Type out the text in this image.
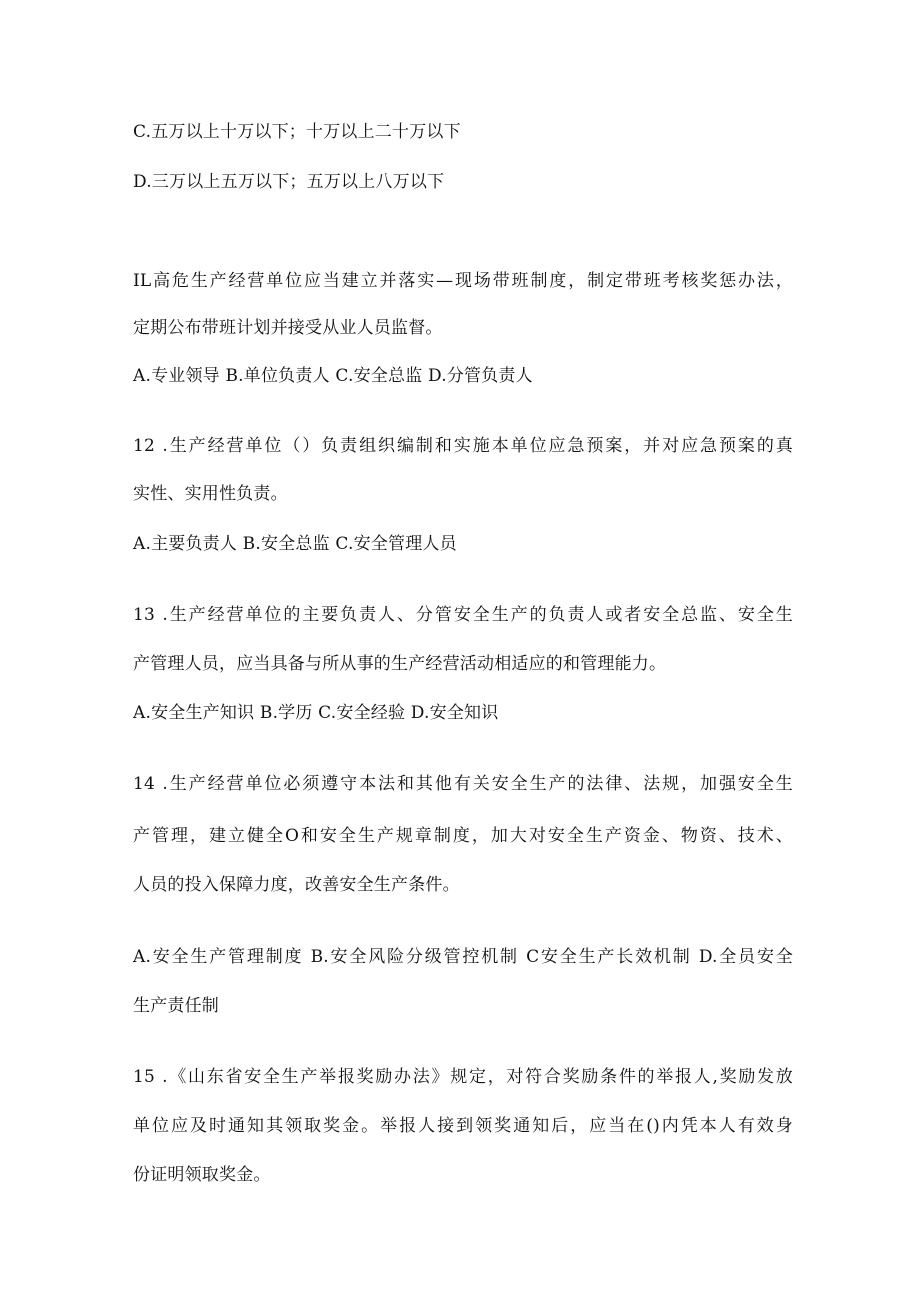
C.五万以上十万以下；十万以上二十万以下
D.三万以上五万以下；五万以上八万以下
IL高危生产经营单位应当建立并落实—现场带班制度，制定带班考核奖惩办法，
定期公布带班计划并接受从业人员监督。
A.专业领导 B.单位负责人 C.安全总监 D.分管负责人
12 .生产经营单位（）负责组织编制和实施本单位应急预案，并对应急预案的真
实性、实用性负责。
A.主要负责人 B.安全总监 C.安全管理人员
13 .生产经营单位的主要负责人、分管安全生产的负责人或者安全总监、安全生
产管理人员，应当具备与所从事的生产经营活动相适应的和管理能力。
A.安全生产知识 B.学历 C.安全经验 D.安全知识
14 .生产经营单位必须遵守本法和其他有关安全生产的法律、法规，加强安全生
产管理，建立健全O和安全生产规章制度，加大对安全生产资金、物资、技术、
人员的投入保障力度，改善安全生产条件。
A.安全生产管理制度 B.安全风险分级管控机制 C安全生产长效机制 D.全员安全
生产责任制
15 .《山东省安全生产举报奖励办法》规定，对符合奖励条件的举报人,奖励发放
单位应及时通知其领取奖金。举报人接到领奖通知后，应当在()内凭本人有效身
份证明领取奖金。
